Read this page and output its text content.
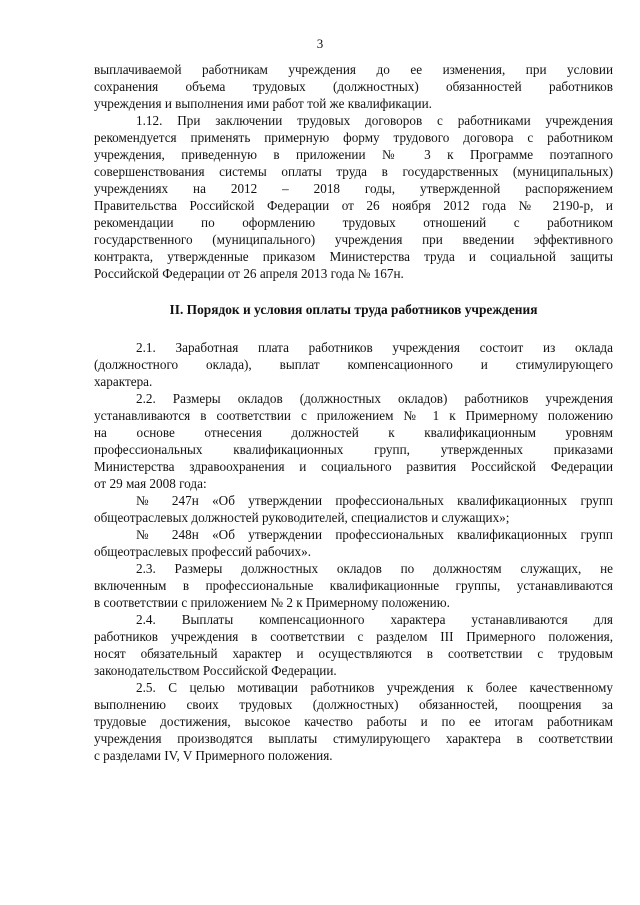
3
выплачиваемой работникам учреждения до ее изменения, при условии
сохранения объема трудовых (должностных) обязанностей работников
учреждения и выполнения ими работ той же квалификации.
1.12. При заключении трудовых договоров с работниками учреждения
рекомендуется применять примерную форму трудового договора с работником
учреждения, приведенную в приложении № 3 к Программе поэтапного
совершенствования системы оплаты труда в государственных (муниципальных)
учреждениях на 2012 – 2018 годы, утвержденной распоряжением
Правительства Российской Федерации от 26 ноября 2012 года № 2190-р, и
рекомендации по оформлению трудовых отношений с работником
государственного (муниципального) учреждения при введении эффективного
контракта, утвержденные приказом Министерства труда и социальной защиты
Российской Федерации от 26 апреля 2013 года № 167н.
II. Порядок и условия оплаты труда работников учреждения
2.1. Заработная плата работников учреждения состоит из оклада
(должностного оклада), выплат компенсационного и стимулирующего
характера.
2.2. Размеры окладов (должностных окладов) работников учреждения
устанавливаются в соответствии с приложением № 1 к Примерному положению
на основе отнесения должностей к квалификационным уровням
профессиональных квалификационных групп, утвержденных приказами
Министерства здравоохранения и социального развития Российской Федерации
от 29 мая 2008 года:
№ 247н «Об утверждении профессиональных квалификационных групп
общеотраслевых должностей руководителей, специалистов и служащих»;
№ 248н «Об утверждении профессиональных квалификационных групп
общеотраслевых профессий рабочих».
2.3. Размеры должностных окладов по должностям служащих, не
включенным в профессиональные квалификационные группы, устанавливаются
в соответствии с приложением № 2 к Примерному положению.
2.4. Выплаты компенсационного характера устанавливаются для
работников учреждения в соответствии с разделом III Примерного положения,
носят обязательный характер и осуществляются в соответствии с трудовым
законодательством Российской Федерации.
2.5. С целью мотивации работников учреждения к более качественному
выполнению своих трудовых (должностных) обязанностей, поощрения за
трудовые достижения, высокое качество работы и по ее итогам работникам
учреждения производятся выплаты стимулирующего характера в соответствии
с разделами IV, V Примерного положения.
